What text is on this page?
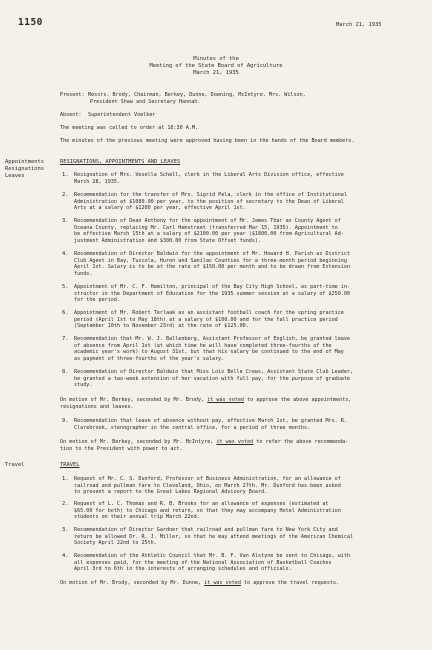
1150	March 21, 1935
Minutes of the
Meeting of the State Board of Agriculture
March 21, 1935
Present: Messrs. Brody, Chairman, Berkey, Dunne, Downing, McIntyre, Mrs. Wilson,
President Shaw and Secretary Hannah.
Absent: Superintendent Voelker
The meeting was called to order at 10:30 A.M.
The minutes of the previous meeting were approved having been in the hands of the Board members.
Appointments
Resignations
Leaves
RESIGNATIONS, APPOINTMENTS AND LEAVES
1. Resignation of Mrs. Vesella Schell, clerk in the Liberal Arts Division office, effective
March 28, 1935.
2. Recommendation for the transfer of Mrs. Sigrid Pela, clerk in the office of Institutional
Administration at $1080.00 per year, to the position of secretary to the Dean of Liberal
Arts at a salary of $1200 per year, effective April 1st.
3. Recommendation of Dean Anthony for the appointment of Mr. James Thar as County Agent of
Oceana County, replacing Mr. Carl Hemstreet (transferred Mar 15, 1935). Appointment to
be effective March 15th at a salary of $2100.00 per year ($1800.00 from Agricultural Ad-
justment Administration and $300.00 from State Offset funds).
4. Recommendation of Director Baldwin for the appointment of Mr. Howard H. Parish as District
Club Agent in Bay, Tuscola, Huron and Sanilac Counties for a three-month period beginning
April 1st. Salary is to be at the rate of $150.00 per month and to be drawn from Extension
funds.
5. Appointment of Mr. C. F. Hamilton, principal of the Bay City High School, as part-time in-
structor in the Department of Education for the 1935 summer session at a salary of $250.00
for the period.
6. Appointment of Mr. Robert Terlaak as an assistant football coach for the spring practice
period (April 1st to May 18th) at a salary of $100.00 and for the fall practice period
(September 10th to November 23rd) at the rate of $125.00.
7. Recommendation that Mr. W. J. Ballenberg, Assistant Professor of English, be granted leave
of absence from April 1st (at which time he will have completed three-fourths of the
academic year's work) to August 31st, but that his salary be continued to the end of May
as payment of three-fourths of the year's salary.
8. Recommendation of Director Baldwin that Miss Lois Belle Crews, Assistant State Club Leader,
be granted a two-week extension of her vacation with full pay, for the purpose of graduate
study.
On motion of Mr. Berkey, seconded by Mr. Brody, it was voted to approve the above appointments,
resignations and leaves.
9. Recommendation that leave of absence without pay, effective March 1st, be granted Mrs. R.
Clarebrook, stenographer in the central office, for a period of three months.
On motion of Mr. Berkey, seconded by Mr. McIntyre, it was voted to refer the above recommenda-
tion to the President with power to act.
Travel	TRAVEL
1. Request of Mr. C. S. Dunford, Professor of Business Administration, for an allowance of
railroad and pullman fare to Cleveland, Ohio, on March 27th. Mr. Dunford has been asked
to present a report to the Great Lakes Regional Advisory Board.
2. Request of L. C. Thomas and R. B. Brooks for an allowance of expenses (estimated at
$65.00 for both) to Chicago and return, so that they may accompany Hotel Administration
students on their annual trip March 22nd.
3. Recommendation of Director Gardner that railroad and pullman fare to New York City and
return be allowed Dr. R. J. Miller, so that he may attend meetings of the American Chemical
Society April 22nd to 25th.
4. Recommendation of the Athletic Council that Mr. B. F. Van Alstyne be sent to Chicago, with
all expenses paid, for the meeting of the National Association of Basketball Coaches
April 3rd to 6th in the interests of arranging schedules and officials.
On motion of Mr. Brody, seconded by Mr. Dunne, it was voted to approve the travel requests.
